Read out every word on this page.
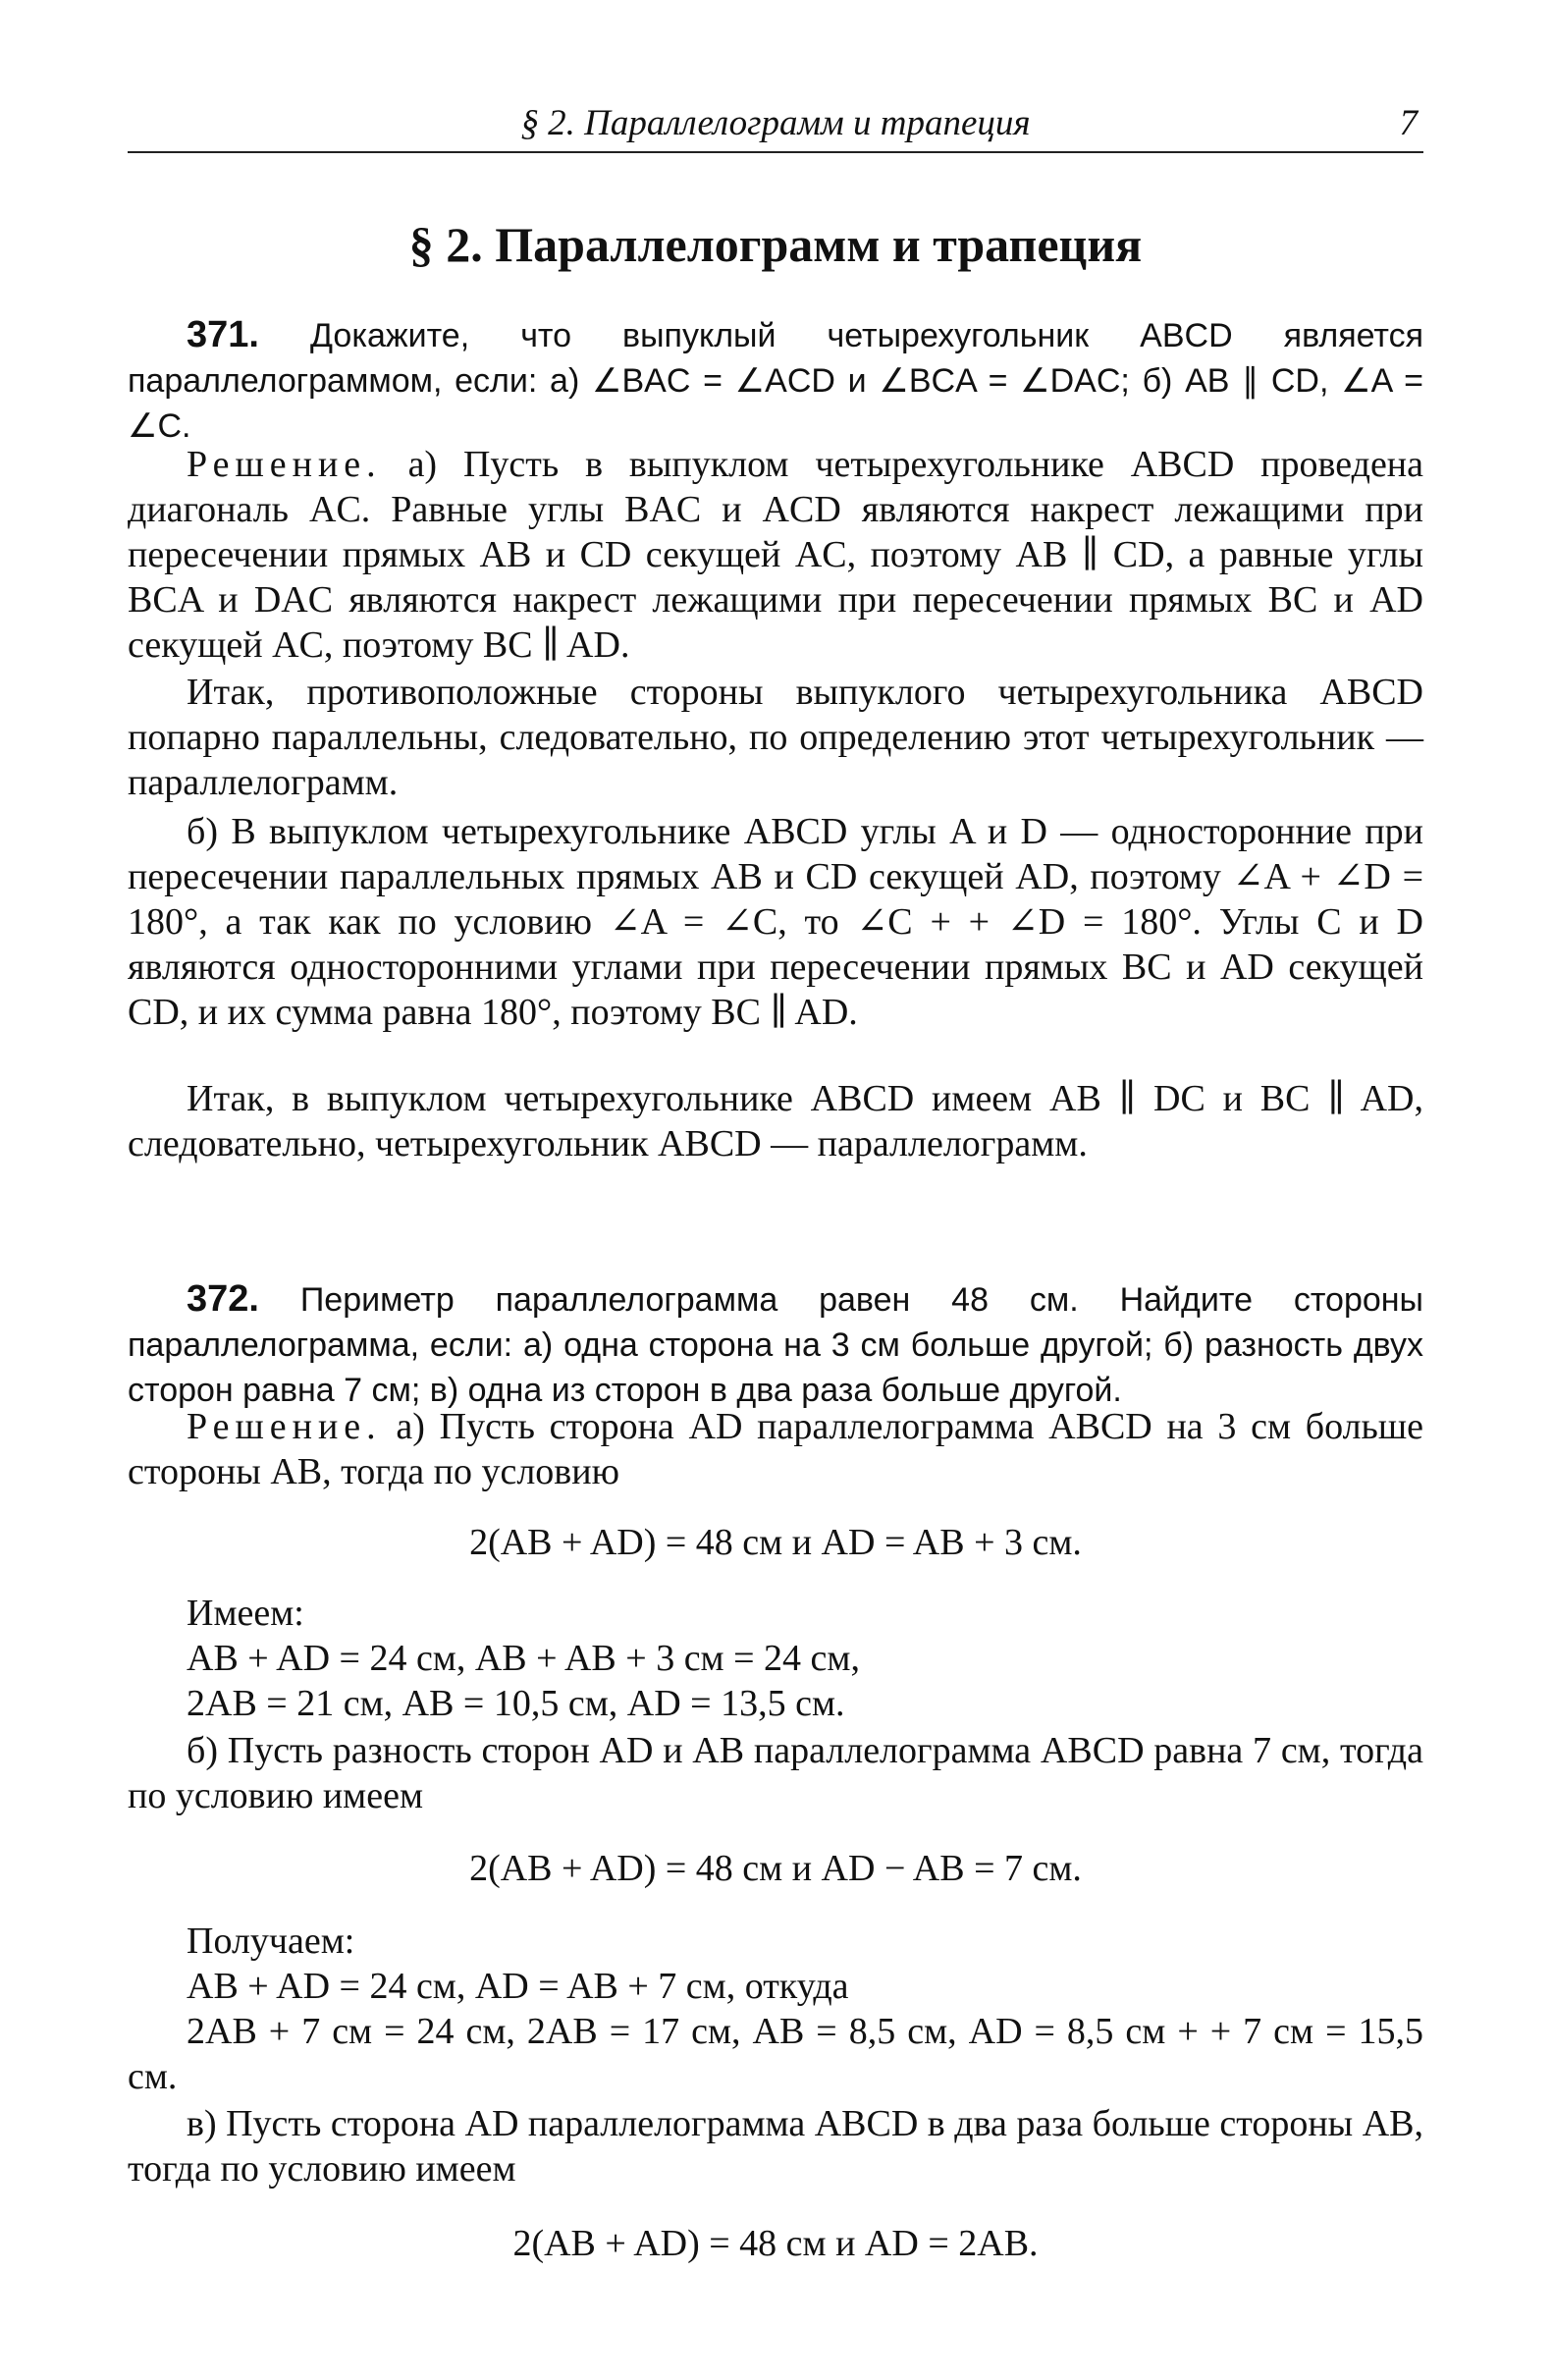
§ 2. Параллелограмм и трапеция	7
§ 2. Параллелограмм и трапеция
371. Докажите, что выпуклый четырехугольник ABCD является параллелограммом, если: а) ∠BAC = ∠ACD и ∠BCA = ∠DAC; б) AB ∥ CD, ∠A = ∠C.
Решение. а) Пусть в выпуклом четырехугольнике ABCD проведена диагональ AC. Равные углы BAC и ACD являются накрест лежащими при пересечении прямых AB и CD секущей AC, поэтому AB ∥ CD, а равные углы BCA и DAC являются накрест лежащими при пересечении прямых BC и AD секущей AC, поэтому BC ∥ AD.
Итак, противоположные стороны выпуклого четырехугольника ABCD попарно параллельны, следовательно, по определению этот четырехугольник — параллелограмм.
б) В выпуклом четырехугольнике ABCD углы A и D — односторонние при пересечении параллельных прямых AB и CD секущей AD, поэтому ∠A + ∠D = 180°, а так как по условию ∠A = ∠C, то ∠C + + ∠D = 180°. Углы C и D являются односторонними углами при пересечении прямых BC и AD секущей CD, и их сумма равна 180°, поэтому BC ∥ AD.
Итак, в выпуклом четырехугольнике ABCD имеем AB ∥ DC и BC ∥ AD, следовательно, четырехугольник ABCD — параллелограмм.
372. Периметр параллелограмма равен 48 см. Найдите стороны параллелограмма, если: а) одна сторона на 3 см больше другой; б) разность двух сторон равна 7 см; в) одна из сторон в два раза больше другой.
Решение. а) Пусть сторона AD параллелограмма ABCD на 3 см больше стороны AB, тогда по условию
2(AB + AD) = 48 см и AD = AB + 3 см.
Имеем:
AB + AD = 24 см, AB + AB + 3 см = 24 см,
2AB = 21 см, AB = 10,5 см, AD = 13,5 см.
б) Пусть разность сторон AD и AB параллелограмма ABCD равна 7 см, тогда по условию имеем
2(AB + AD) = 48 см и AD − AB = 7 см.
Получаем:
AB + AD = 24 см, AD = AB + 7 см, откуда
2AB + 7 см = 24 см, 2AB = 17 см, AB = 8,5 см, AD = 8,5 см + + 7 см = 15,5 см.
в) Пусть сторона AD параллелограмма ABCD в два раза больше стороны AB, тогда по условию имеем
2(AB + AD) = 48 см и AD = 2AB.
